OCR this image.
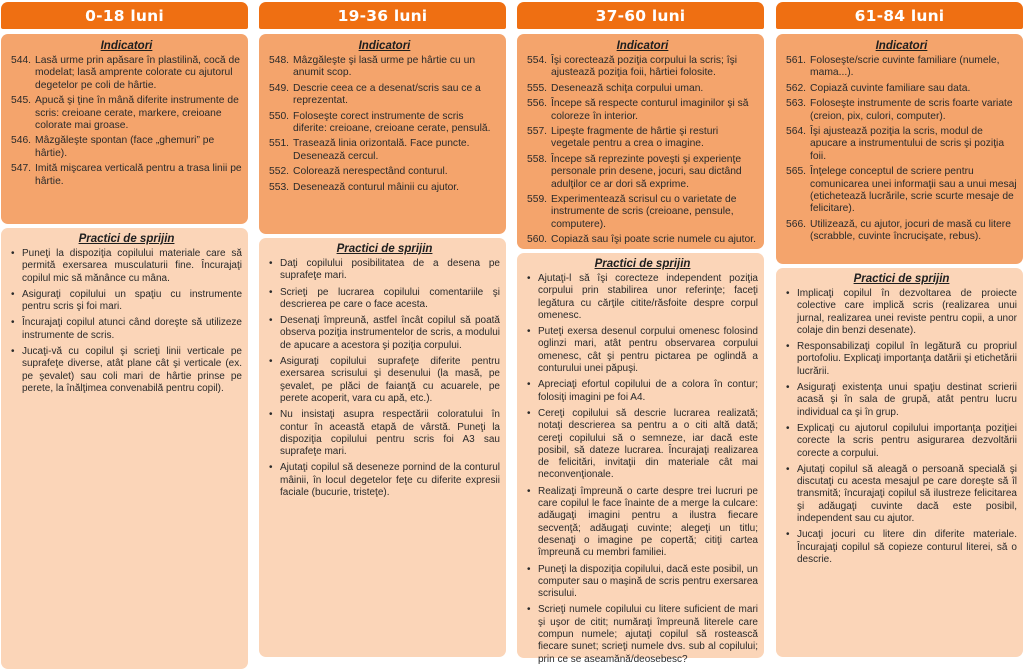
0-18 luni
Indicatori
544. Lasă urme prin apăsare în plastilină, cocă de modelat; lasă amprente colorate cu ajutorul degetelor pe coli de hârtie.
545. Apucă şi ţine în mână diferite instrumente de scris: creioane cerate, markere, creioane colorate mai groase.
546. Mâzgăleşte spontan (face „ghemuri” pe hârtie).
547. Imită mişcarea verticală pentru a trasa linii pe hârtie.
Practici de sprijin
• Puneţi la dispoziţia copilului materiale care să permită exersarea musculaturii fine. Încurajaţi copilul mic să mănânce cu mâna.
• Asiguraţi copilului un spaţiu cu instrumente pentru scris şi foi mari.
• Încurajaţi copilul atunci când doreşte să utilizeze instrumente de scris.
• Jucaţi-vă cu copilul şi scrieţi linii verticale pe suprafeţe diverse, atât plane cât şi verticale (ex. pe şevalet) sau coli mari de hârtie prinse pe perete, la înălţimea convenabilă pentru copil).
19-36 luni
Indicatori
548. Mâzgăleşte şi lasă urme pe hârtie cu un anumit scop.
549. Descrie ceea ce a desenat/scris sau ce a reprezentat.
550. Foloseşte corect instrumente de scris diferite: creioane, creioane cerate, pensulă.
551. Trasează linia orizontală. Face puncte. Desenează cercul.
552. Colorează nerespectând conturul.
553. Desenează conturul mâinii cu ajutor.
Practici de sprijin
• Daţi copilului posibilitatea de a desena pe suprafeţe mari.
• Scrieţi pe lucrarea copilului comentariile şi descrierea pe care o face acesta.
• Desenaţi împreună, astfel încât copilul să poată observa poziţia instrumentelor de scris, a modului de apucare a acestora şi poziţia corpului.
• Asiguraţi copilului suprafeţe diferite pentru exersarea scrisului şi desenului (la masă, pe şevalet, pe plăci de faianţă cu acuarele, pe perete acoperit, vara cu apă, etc.).
• Nu insistaţi asupra respectării coloratului în contur în această etapă de vârstă. Puneţi la dispoziţia copilului pentru scris foi A3 sau suprafeţe mari.
• Ajutaţi copilul să deseneze pornind de la conturul mâinii, în locul degetelor feţe cu diferite expresii faciale (bucurie, tristeţe).
37-60 luni
Indicatori
554. Îşi corectează poziţia corpului la scris; îşi ajustează poziţia foii, hârtiei folosite.
555. Desenează schiţa corpului uman.
556. Începe să respecte conturul imaginilor şi să coloreze în interior.
557. Lipeşte fragmente de hârtie şi resturi vegetale pentru a crea o imagine.
558. Începe să reprezinte poveşti şi experienţe personale prin desene, jocuri, sau dictând adulţilor ce ar dori să exprime.
559. Experimentează scrisul cu o varietate de instrumente de scris (creioane, pensule, computere).
560. Copiază sau îşi poate scrie numele cu ajutor.
Practici de sprijin
• Ajutaţi-l să îşi corecteze independent poziţia corpului prin stabilirea unor referinţe; faceţi legătura cu cărţile citite/răsfoite despre corpul omenesc.
• Puteţi exersa desenul corpului omenesc folosind oglinzi mari, atât pentru observarea corpului omenesc, cât şi pentru pictarea pe oglindă a conturului unei păpuşi.
• Apreciaţi efortul copilului de a colora în contur; folosiţi imagini pe foi A4.
• Cereţi copilului să descrie lucrarea realizată; notaţi descrierea sa pentru a o citi altă dată; cereţi copilului să o semneze, iar dacă este posibil, să dateze lucrarea. Încurajaţi realizarea de felicitări, invitaţii din materiale cât mai neconvenţionale.
• Realizaţi împreună o carte despre trei lucruri pe care copilul le face înainte de a merge la culcare: adăugaţi imagini pentru a ilustra fiecare secvenţă; adăugaţi cuvinte; alegeţi un titlu; desenaţi o imagine pe copertă; citiţi cartea împreună cu membri familiei.
• Puneţi la dispoziţia copilului, dacă este posibil, un computer sau o maşină de scris pentru exersarea scrisului.
• Scrieţi numele copilului cu litere suficient de mari şi uşor de citit; număraţi împreună literele care compun numele; ajutaţi copilul să rostească fiecare sunet; scrieţi numele dvs. sub al copilului; prin ce se aseamănă/deosebesc?
61-84 luni
Indicatori
561. Foloseşte/scrie cuvinte familiare (numele, mama...).
562. Copiază cuvinte familiare sau data.
563. Foloseşte instrumente de scris foarte variate (creion, pix, culori, computer).
564. Îşi ajustează poziţia la scris, modul de apucare a instrumentului de scris şi poziţia foii.
565. Înţelege conceptul de scriere pentru comunicarea unei informaţii sau a unui mesaj (etichetează lucrările, scrie scurte mesaje de felicitare).
566. Utilizează, cu ajutor, jocuri de masă cu litere (scrabble, cuvinte încrucişate, rebus).
Practici de sprijin
• Implicaţi copilul în dezvoltarea de proiecte colective care implică scris (realizarea unui jurnal, realizarea unei reviste pentru copii, a unor colaje din benzi desenate).
• Responsabilizaţi copilul în legătură cu propriul portofoliu. Explicaţi importanţa datării şi etichetării lucrării.
• Asiguraţi existenţa unui spaţiu destinat scrierii acasă şi în sala de grupă, atât pentru lucru individual ca şi în grup.
• Explicaţi cu ajutorul copilului importanţa poziţiei corecte la scris pentru asigurarea dezvoltării corecte a corpului.
• Ajutaţi copilul să aleagă o persoană specială şi discutaţi cu acesta mesajul pe care doreşte să îl transmită; încurajaţi copilul să ilustreze felicitarea şi adăugaţi cuvinte dacă este posibil, independent sau cu ajutor.
• Jucaţi jocuri cu litere din diferite materiale. Încurajaţi copilul să copieze conturul literei, să o descrie.
